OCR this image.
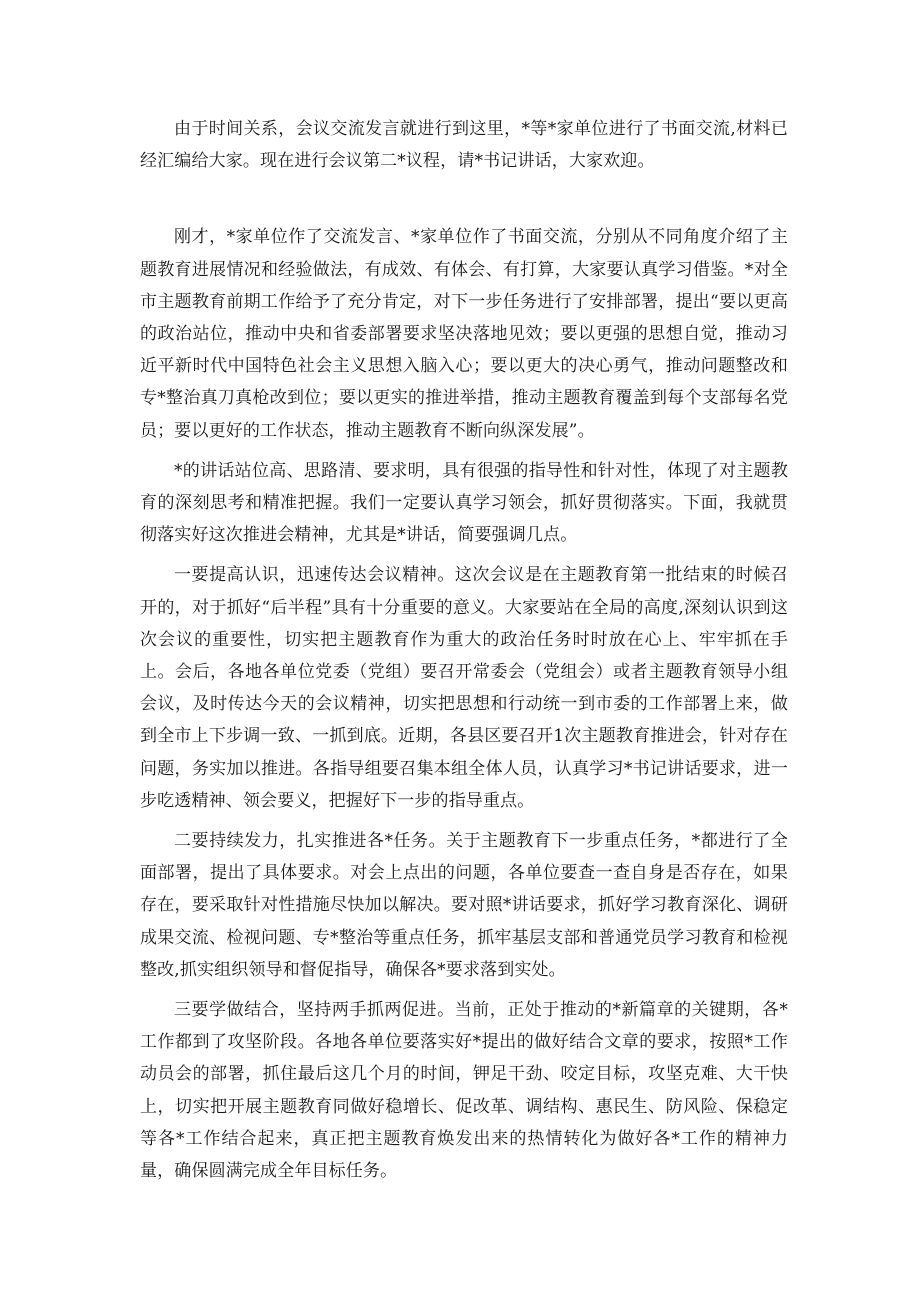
由于时间关系，会议交流发言就进行到这里，*等*家单位进行了书面交流,材料已经汇编给大家。现在进行会议第二*议程，请*书记讲话，大家欢迎。

刚才，*家单位作了交流发言、*家单位作了书面交流，分别从不同角度介绍了主题教育进展情况和经验做法，有成效、有体会、有打算，大家要认真学习借鉴。*对全市主题教育前期工作给予了充分肯定，对下一步任务进行了安排部署，提出“要以更高的政治站位，推动中央和省委部署要求坚决落地见效；要以更强的思想自觉，推动习近平新时代中国特色社会主义思想入脑入心；要以更大的决心勇气，推动问题整改和专*整治真刀真枪改到位；要以更实的推进举措，推动主题教育覆盖到每个支部每名党员；要以更好的工作状态，推动主题教育不断向纵深发展”。

*的讲话站位高、思路清、要求明，具有很强的指导性和针对性，体现了对主题教育的深刻思考和精准把握。我们一定要认真学习领会，抓好贯彻落实。下面，我就贯彻落实好这次推进会精神，尤其是*讲话，简要强调几点。

一要提高认识，迅速传达会议精神。这次会议是在主题教育第一批结束的时候召开的，对于抓好“后半程”具有十分重要的意义。大家要站在全局的高度,深刻认识到这次会议的重要性，切实把主题教育作为重大的政治任务时时放在心上、牢牢抓在手上。会后，各地各单位党委（党组）要召开常委会（党组会）或者主题教育领导小组会议，及时传达今天的会议精神，切实把思想和行动统一到市委的工作部署上来，做到全市上下步调一致、一抓到底。近期，各县区要召开1次主题教育推进会，针对存在问题，务实加以推进。各指导组要召集本组全体人员，认真学习*书记讲话要求，进一步吃透精神、领会要义，把握好下一步的指导重点。

二要持续发力，扎实推进各*任务。关于主题教育下一步重点任务，*都进行了全面部署，提出了具体要求。对会上点出的问题，各单位要查一查自身是否存在，如果存在，要采取针对性措施尽快加以解决。要对照*讲话要求，抓好学习教育深化、调研成果交流、检视问题、专*整治等重点任务，抓牢基层支部和普通党员学习教育和检视整改,抓实组织领导和督促指导，确保各*要求落到实处。

三要学做结合，坚持两手抓两促进。当前，正处于推动的*新篇章的关键期，各*工作都到了攻坚阶段。各地各单位要落实好*提出的做好结合文章的要求，按照*工作动员会的部署，抓住最后这几个月的时间，钾足干劲、咬定目标，攻坚克难、大干快上，切实把开展主题教育同做好稳增长、促改革、调结构、惠民生、防风险、保稳定等各*工作结合起来，真正把主题教育焕发出来的热情转化为做好各*工作的精神力量，确保圆满完成全年目标任务。
